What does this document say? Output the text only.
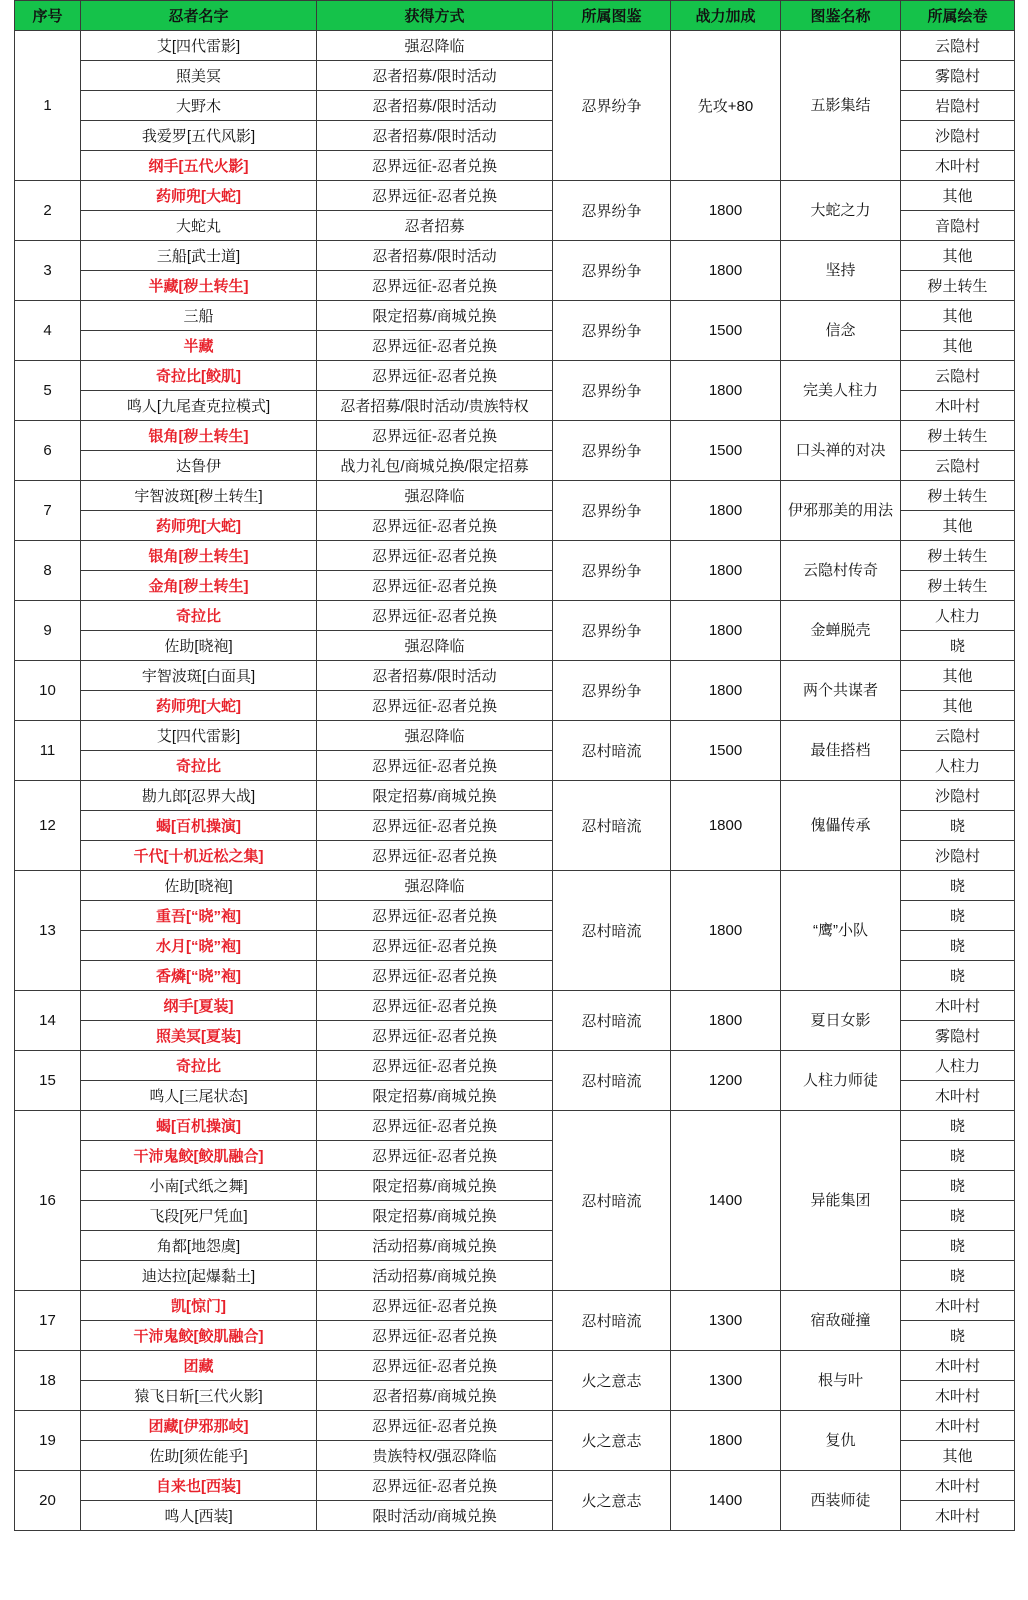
序号	忍者名字	获得方式	所属图鉴	战力加成	图鉴名称	所属绘卷
1	艾[四代雷影]	强忍降临	忍界纷争	先攻+80	五影集结	云隐村
	照美冥	忍者招募/限时活动				雾隐村
	大野木	忍者招募/限时活动				岩隐村
	我爱罗[五代风影]	忍者招募/限时活动				沙隐村
	纲手[五代火影]	忍界远征-忍者兑换				木叶村
2	药师兜[大蛇]	忍界远征-忍者兑换	忍界纷争	1800	大蛇之力	其他
	大蛇丸	忍者招募				音隐村
3	三船[武士道]	忍者招募/限时活动	忍界纷争	1800	坚持	其他
	半藏[秽土转生]	忍界远征-忍者兑换				秽土转生
4	三船	限定招募/商城兑换	忍界纷争	1500	信念	其他
	半藏	忍界远征-忍者兑换				其他
5	奇拉比[鲛肌]	忍界远征-忍者兑换	忍界纷争	1800	完美人柱力	云隐村
	鸣人[九尾查克拉模式]	忍者招募/限时活动/贵族特权				木叶村
6	银角[秽土转生]	忍界远征-忍者兑换	忍界纷争	1500	口头禅的对决	秽土转生
	达鲁伊	战力礼包/商城兑换/限定招募				云隐村
7	宇智波斑[秽土转生]	强忍降临	忍界纷争	1800	伊邪那美的用法	秽土转生
	药师兜[大蛇]	忍界远征-忍者兑换				其他
8	银角[秽土转生]	忍界远征-忍者兑换	忍界纷争	1800	云隐村传奇	秽土转生
	金角[秽土转生]	忍界远征-忍者兑换				秽土转生
9	奇拉比	忍界远征-忍者兑换	忍界纷争	1800	金蝉脱壳	人柱力
	佐助[晓袍]	强忍降临				晓
10	宇智波斑[白面具]	忍者招募/限时活动	忍界纷争	1800	两个共谋者	其他
	药师兜[大蛇]	忍界远征-忍者兑换				其他
11	艾[四代雷影]	强忍降临	忍村暗流	1500	最佳搭档	云隐村
	奇拉比	忍界远征-忍者兑换				人柱力
12	勘九郎[忍界大战]	限定招募/商城兑换	忍村暗流	1800	傀儡传承	沙隐村
	蝎[百机操演]	忍界远征-忍者兑换				晓
	千代[十机近松之集]	忍界远征-忍者兑换				沙隐村
13	佐助[晓袍]	强忍降临	忍村暗流	1800	“鹰”小队	晓
	重吾[“晓”袍]	忍界远征-忍者兑换				晓
	水月[“晓”袍]	忍界远征-忍者兑换				晓
	香燐[“晓”袍]	忍界远征-忍者兑换				晓
14	纲手[夏装]	忍界远征-忍者兑换	忍村暗流	1800	夏日女影	木叶村
	照美冥[夏装]	忍界远征-忍者兑换				雾隐村
15	奇拉比	忍界远征-忍者兑换	忍村暗流	1200	人柱力师徒	人柱力
	鸣人[三尾状态]	限定招募/商城兑换				木叶村
16	蝎[百机操演]	忍界远征-忍者兑换	忍村暗流	1400	异能集团	晓
	干沛鬼鲛[鲛肌融合]	忍界远征-忍者兑换				晓
	小南[式纸之舞]	限定招募/商城兑换				晓
	飞段[死尸凭血]	限定招募/商城兑换				晓
	角都[地怨虞]	活动招募/商城兑换				晓
	迪达拉[起爆黏土]	活动招募/商城兑换				晓
17	凯[惊门]	忍界远征-忍者兑换	忍村暗流	1300	宿敌碰撞	木叶村
	干沛鬼鲛[鲛肌融合]	忍界远征-忍者兑换				晓
18	团藏	忍界远征-忍者兑换	火之意志	1300	根与叶	木叶村
	猿飞日斩[三代火影]	忍者招募/商城兑换				木叶村
19	团藏[伊邪那岐]	忍界远征-忍者兑换	火之意志	1800	复仇	木叶村
	佐助[须佐能乎]	贵族特权/强忍降临				其他
20	自来也[西装]	忍界远征-忍者兑换	火之意志	1400	西装师徒	木叶村
	鸣人[西装]	限时活动/商城兑换				木叶村
